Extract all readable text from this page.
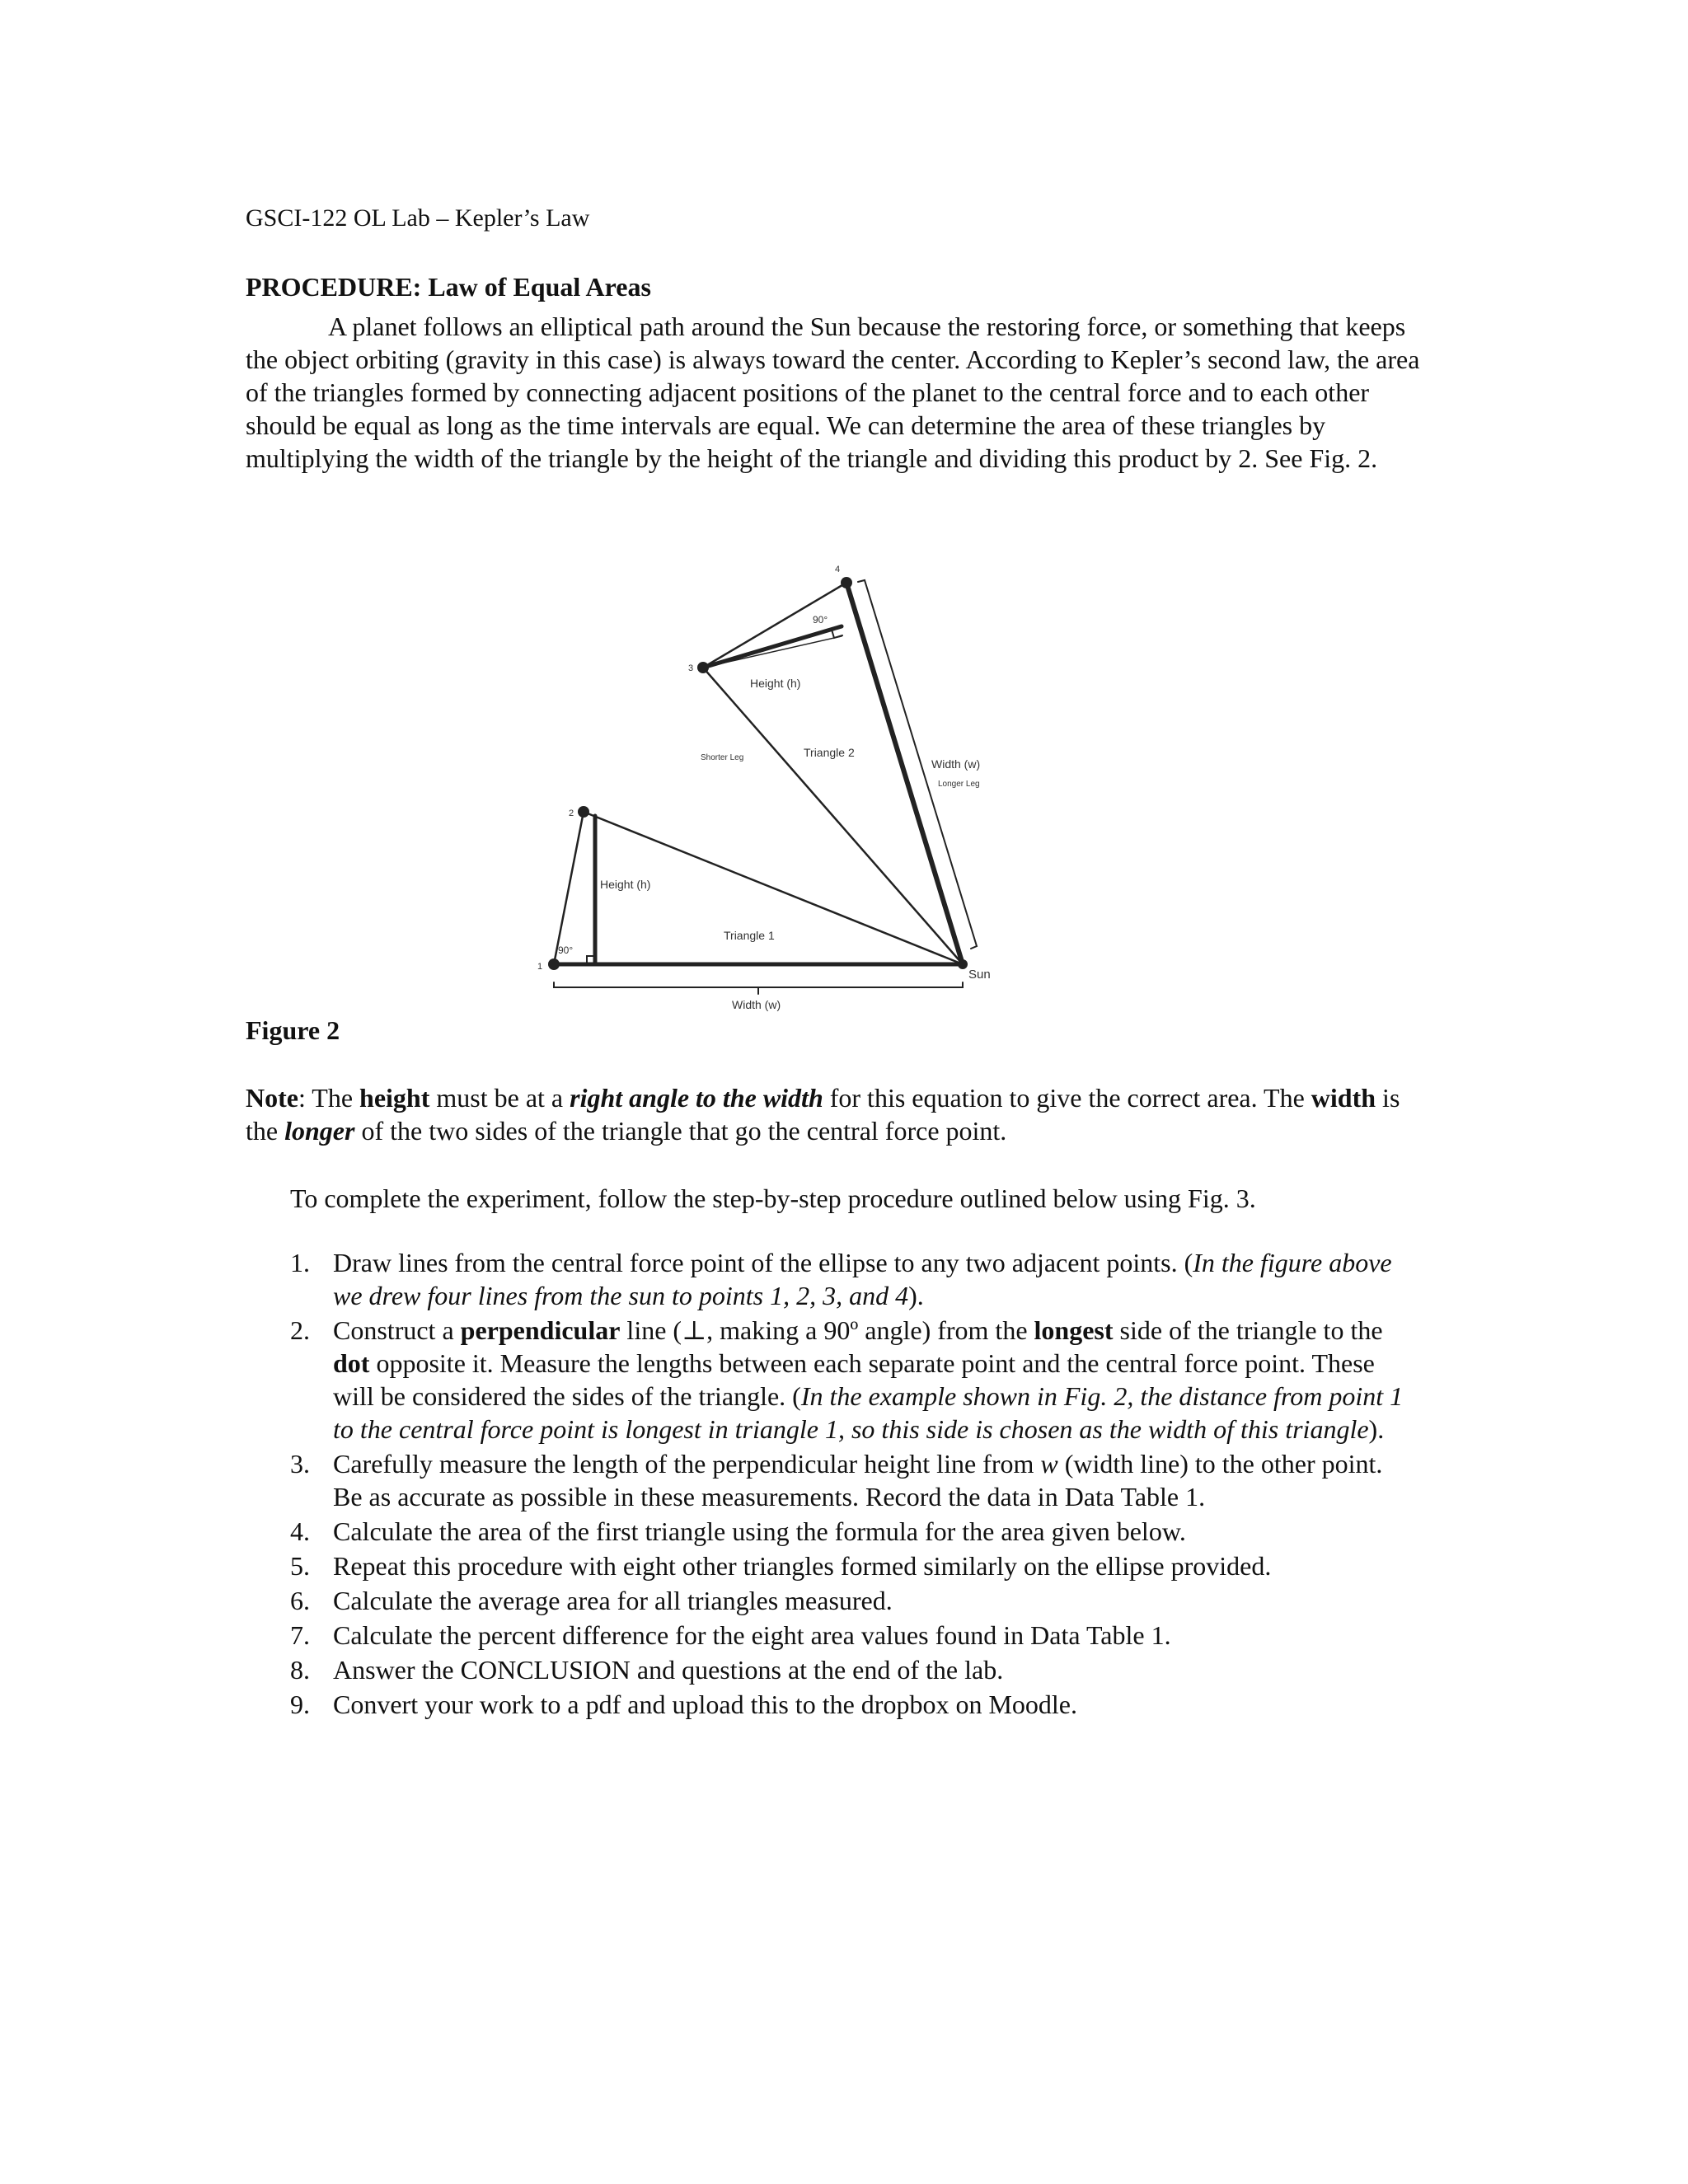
GSCI-122 OL Lab – Kepler’s Law
PROCEDURE: Law of Equal Areas

A planet follows an elliptical path around the Sun because the restoring force, or something that keeps the object orbiting (gravity in this case) is always toward the center. According to Kepler’s second law, the area of the triangles formed by connecting adjacent positions of the planet to the central force and to each other should be equal as long as the time intervals are equal. We can determine the area of these triangles by multiplying the width of the triangle by the height of the triangle and dividing this product by 2. See Fig. 2.

1
2
3
4
Sun
90°
90°
Height (h)
Height (h)
Width (w)
Width (w)
Longer Leg
Shorter Leg
Triangle 1
Triangle 2
Figure 2

Note: The height must be at a right angle to the width for this equation to give the correct area. The width is the longer of the two sides of the triangle that go the central force point.

To complete the experiment, follow the step-by-step procedure outlined below using Fig. 3.
1. Draw lines from the central force point of the ellipse to any two adjacent points. (In the figure above we drew four lines from the sun to points 1, 2, 3, and 4).
2. Construct a perpendicular line (⊥, making a 90º angle) from the longest side of the triangle to the dot opposite it. Measure the lengths between each separate point and the central force point. These will be considered the sides of the triangle. (In the example shown in Fig. 2, the distance from point 1 to the central force point is longest in triangle 1, so this side is chosen as the width of this triangle).
3. Carefully measure the length of the perpendicular height line from w (width line) to the other point. Be as accurate as possible in these measurements. Record the data in Data Table 1.
4. Calculate the area of the first triangle using the formula for the area given below.
5. Repeat this procedure with eight other triangles formed similarly on the ellipse provided.
6. Calculate the average area for all triangles measured.
7. Calculate the percent difference for the eight area values found in Data Table 1.
8. Answer the CONCLUSION and questions at the end of the lab.
9. Convert your work to a pdf and upload this to the dropbox on Moodle.
